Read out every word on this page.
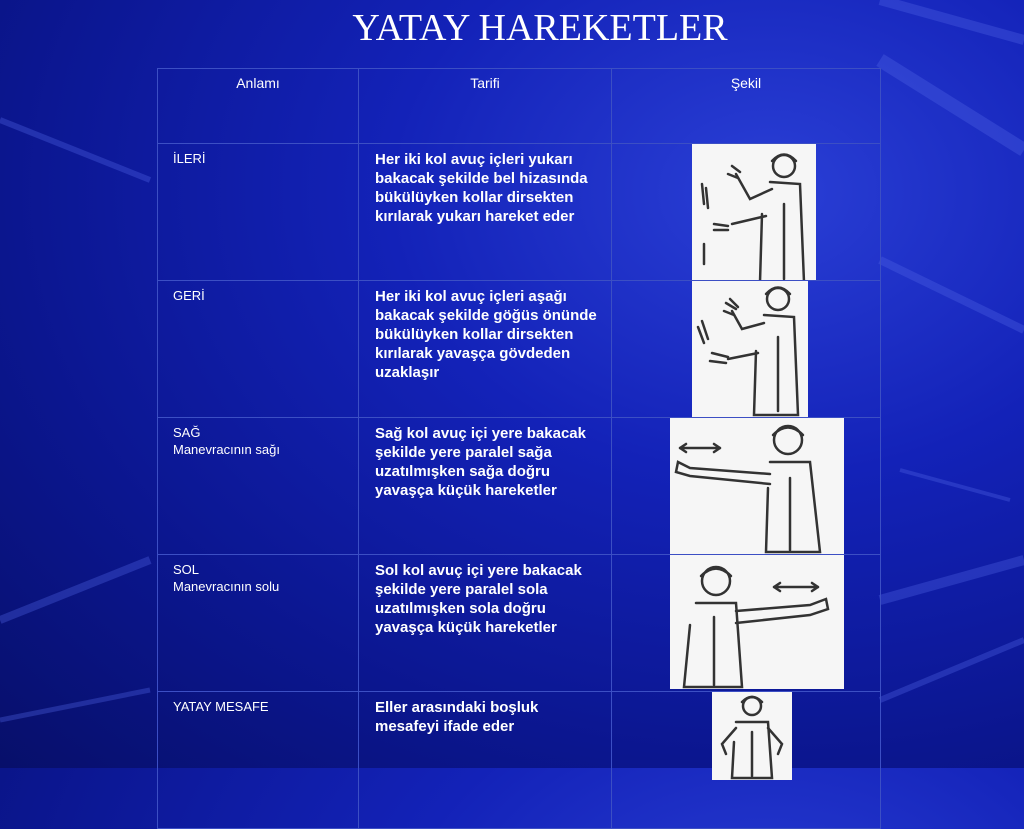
YATAY HAREKETLER
Anlamı	Tarifi	Şekil

İLERİ	Her iki kol avuç içleri yukarı bakacak şekilde bel hizasında bükülüyken kollar dirsekten kırılarak yukarı hareket eder

GERİ	Her iki kol avuç içleri aşağı bakacak şekilde göğüs önünde bükülüyken kollar dirsekten kırılarak yavaşça gövdeden uzaklaşır

SAĞ
Manevracının sağı	Sağ kol avuç içi yere bakacak şekilde yere paralel sağa uzatılmışken sağa doğru yavaşça küçük hareketler

SOL
Manevracının solu	Sol kol avuç içi yere bakacak şekilde yere paralel sola uzatılmışken sola doğru yavaşça küçük hareketler

YATAY MESAFE	Eller arasındaki boşluk mesafeyi ifade eder
